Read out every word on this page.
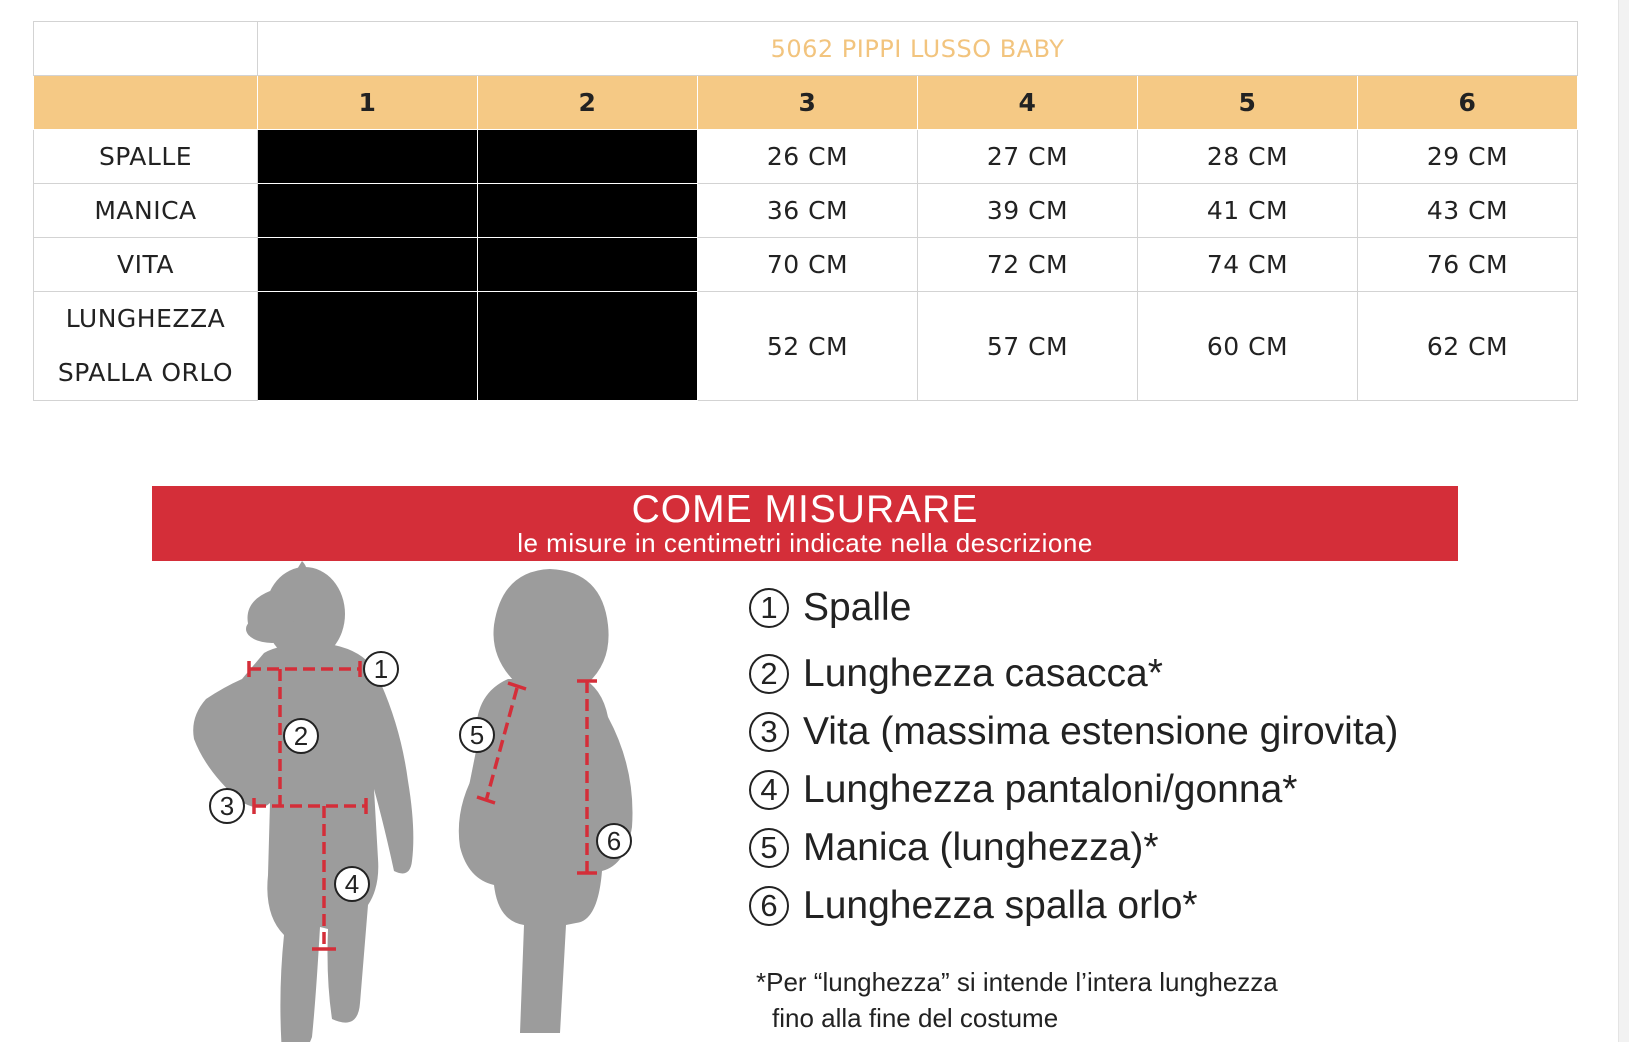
	5062 PIPPI LUSSO BABY					
	1	2	3	4	5	6
SPALLE			26 CM	27 CM	28 CM	29 CM
MANICA			36 CM	39 CM	41 CM	43 CM
VITA			70 CM	72 CM	74 CM	76 CM

LUNGHEZZA
SPALLA ORLO			52 CM	57 CM	60 CM	62 CM
COME MISURARE
le misure in centimetri indicate nella descrizione
1
2
3
4
5
6
1 Spalle
2 Lunghezza casacca*
3 Vita (massima estensione girovita)
4 Lunghezza pantaloni/gonna*
5 Manica (lunghezza)*
6 Lunghezza spalla orlo*
*Per “lunghezza” si intende l’intera lunghezza
fino alla fine del costume
